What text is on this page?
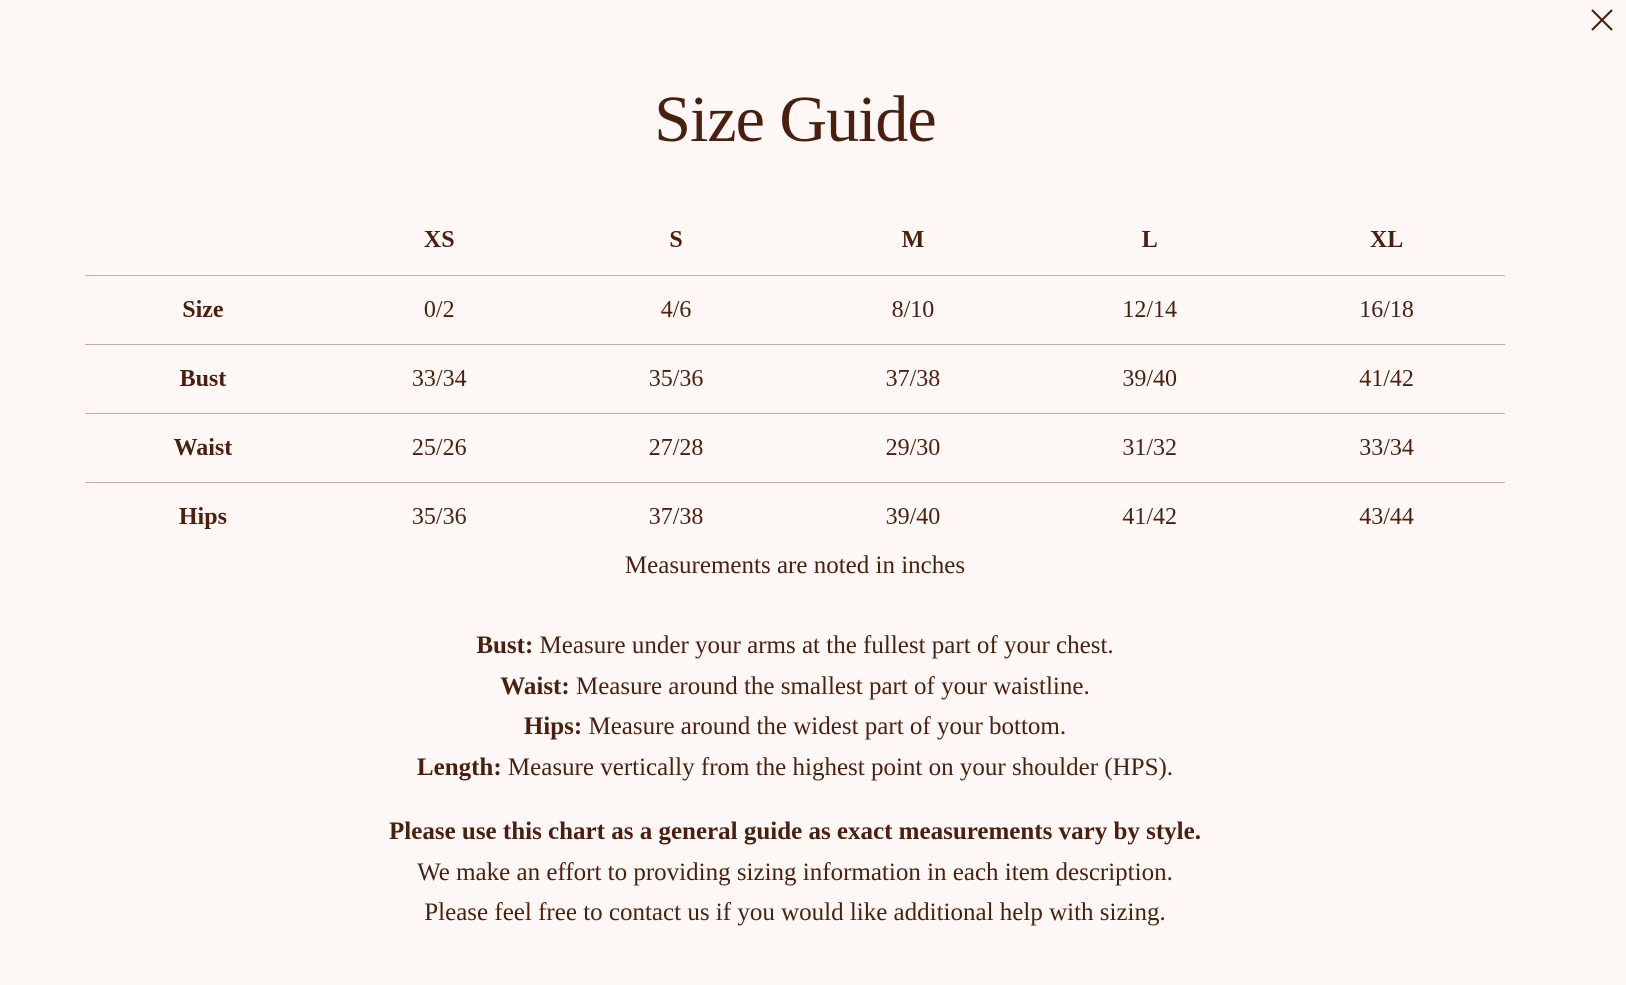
Size Guide
	XS	S	M	L	XL
Size	0/2	4/6	8/10	12/14	16/18
Bust	33/34	35/36	37/38	39/40	41/42
Waist	25/26	27/28	29/30	31/32	33/34
Hips	35/36	37/38	39/40	41/42	43/44
Measurements are noted in inches
Bust: Measure under your arms at the fullest part of your chest.
Waist: Measure around the smallest part of your waistline.
Hips: Measure around the widest part of your bottom.
Length: Measure vertically from the highest point on your shoulder (HPS).
Please use this chart as a general guide as exact measurements vary by style.
We make an effort to providing sizing information in each item description.
Please feel free to contact us if you would like additional help with sizing.
